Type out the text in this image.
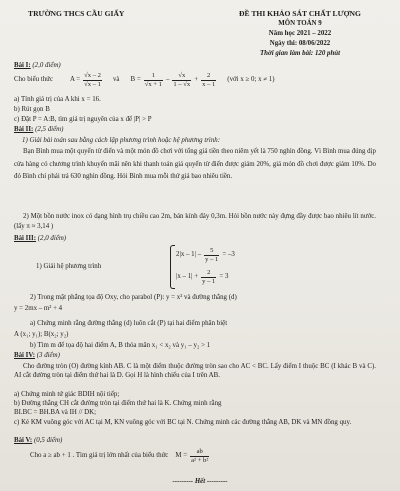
TRƯỜNG THCS CẦU GIẤY	ĐỀ THI KHẢO SÁT CHẤT LƯỢNG
MÔN TOÁN 9
Năm học 2021 – 2022
Ngày thi: 08/06/2022
Thời gian làm bài: 120 phút
Bài I: (2,0 điểm)
Cho biểu thức $A = \frac{√x - 2}{√x - 1}$ và $B = \frac{1}{√x + 1} - \frac{√x}{1 - √x} + \frac{2}{x - 1}$ (với x ≥ 0; x ≠ 1)
a) Tính giá trị của A khi x = 16.
b) Rút gọn B
c) Đặt P = A:B, tìm giá trị nguyên của x để |P| > P
Bài II: (2,5 điểm)
1) Giải bài toán sau bằng cách lập phương trình hoặc hệ phương trình:
Bạn Bình mua một quyển từ điển và một món đồ chơi với tổng giá tiền theo niêm yết là 750 nghìn đồng. Vì Bình mua đúng dịp cửa hàng có chương trình khuyến mãi nên khi thanh toán giá quyển từ điển được giảm 20%, giá món đồ chơi được giảm 10%. Do đó Bình chỉ phải trả 630 nghìn đồng. Hỏi Bình mua mỗi thứ giá bao nhiêu tiền.
2) Một bồn nước inox có dạng hình trụ chiều cao 2m, bán kính đáy 0,3m. Hỏi bồn nước này đựng đầy được bao nhiêu lít nước. (lấy π ≈ 3,14 )
Bài III: (2,0 điểm)
1) Giải hệ phương trình
$2|x - 1| - \frac{5}{y - 1} = -3$
$|x - 1| + \frac{2}{y - 1} = 3$
2) Trong mặt phẳng tọa độ Oxy, cho parabol (P): y = x² và đường thẳng (d)
y = 2mx – m² + 4
a) Chứng minh rằng đường thẳng (d) luôn cắt (P) tại hai điểm phân biệt
A (x₁; y₁); B(x₂; y₂)
b) Tìm m để tọa độ hai điểm A, B thỏa mãn x₁ < x₂ và y₁ – y₂ > 1
Bài IV: (3 điểm)
Cho đường tròn (O) đường kính AB. C là một điểm thuộc đường tròn sao cho AC < BC. Lấy điểm I thuộc BC (I khác B và C). AI cắt đường tròn tại điểm thứ hai là D. Gọi H là hình chiếu của I trên AB.
a) Chứng minh tứ giác BDIH nội tiếp;
b) Đường thẳng CH cắt đường tròn tại điểm thứ hai là K. Chứng minh rằng
BI.BC = BH.BA và IH // DK;
c) Kẻ KM vuông góc với AC tại M, KN vuông góc với BC tại N. Chứng minh các đường thẳng AB, DK và MN đồng quy.
Bài V: (0,5 điểm)
Cho a ≥ ab + 1 . Tìm giá trị lớn nhất của biểu thức $M = \frac{ab}{\text{a² + b²}}$
--------- Hết ---------
